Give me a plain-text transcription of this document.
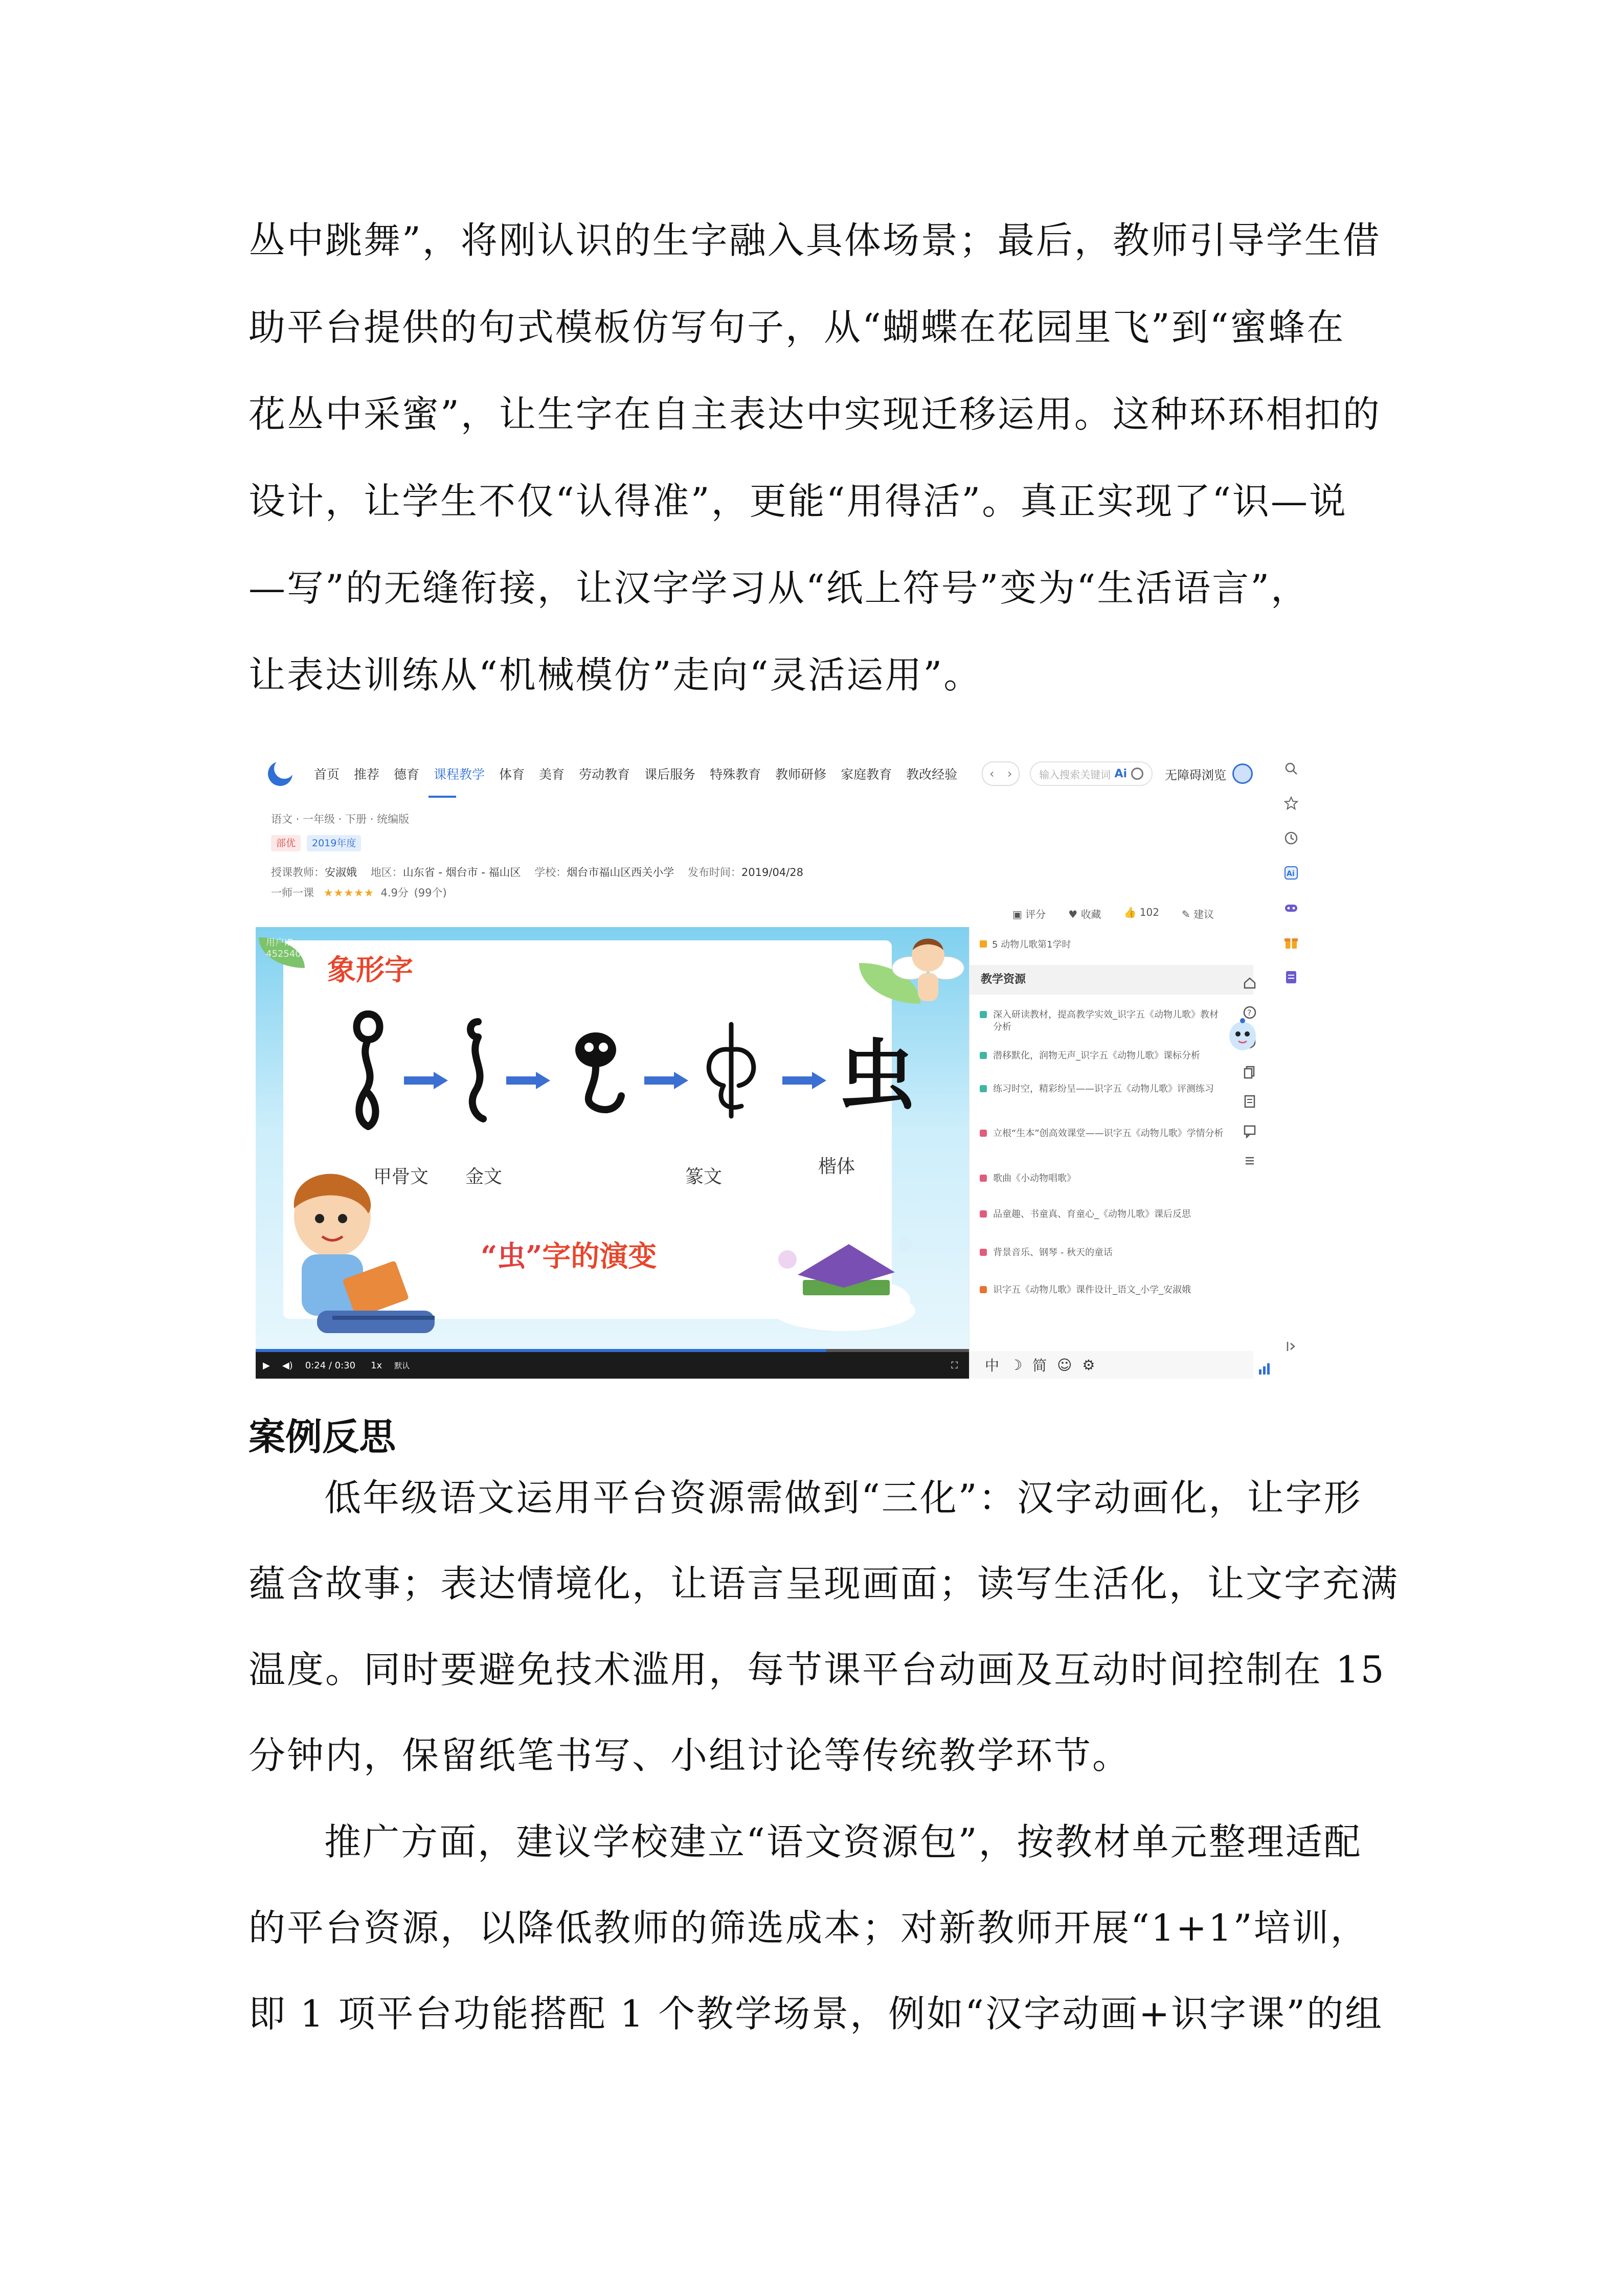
丛中跳舞”，将刚认识的生字融入具体场景；最后，教师引导学生借
助平台提供的句式模板仿写句子，从“蝴蝶在花园里飞”到“蜜蜂在
花丛中采蜜”，让生字在自主表达中实现迁移运用。这种环环相扣的
设计，让学生不仅“认得准”，更能“用得活”。真正实现了“识—说
—写”的无缝衔接，让汉字学习从“纸上符号”变为“生活语言”，
让表达训练从“机械模仿”走向“灵活运用”。
首页 推荐 德育 课程教学 体育 美育 劳动教育 课后服务 特殊教育 教师研修 家庭教育 教改经验	‹ ›	输入搜索关键词 Ai	无障碍浏览
语文 · 一年级 · 下册 · 统编版
部优	2019年度
授课教师：安淑娥 地区：山东省 - 烟台市 - 福山区 学校：烟台市福山区西关小学 发布时间：2019/04/28
一师一课 ★★★★★ 4.9分 (99个)
▣ 评分 ♥ 收藏 👍 102 ✎ 建议
用户ID：
452540... 象形字
虫
甲骨文 金文	篆文	楷体
“虫”字的演变
▶ ◀) 0:24 / 0:30 1x 默认	⛶
5 动物儿歌第1学时
教学资源
深入研读教材，提高教学实效_识字五《动物儿歌》教材分析
潜移默化，润物无声_识字五《动物儿歌》课标分析
练习时空，精彩纷呈——识字五《动物儿歌》评测练习
立根“生本”创高效课堂——识字五《动物儿歌》学情分析
歌曲《小动物唱歌》
品童趣、书童真、育童心_《动物儿歌》课后反思
背景音乐、钢琴 - 秋天的童话
识字五《动物儿歌》课件设计_语文_小学_安淑娥
中 ☽ 简 ☺ ⚙
?
Ai
案例反思
低年级语文运用平台资源需做到“三化”：汉字动画化，让字形
蕴含故事；表达情境化，让语言呈现画面；读写生活化，让文字充满
温度。同时要避免技术滥用，每节课平台动画及互动时间控制在 15
分钟内，保留纸笔书写、小组讨论等传统教学环节。
推广方面，建议学校建立“语文资源包”，按教材单元整理适配
的平台资源，以降低教师的筛选成本；对新教师开展“1+1”培训，
即 1 项平台功能搭配 1 个教学场景，例如“汉字动画+识字课”的组
